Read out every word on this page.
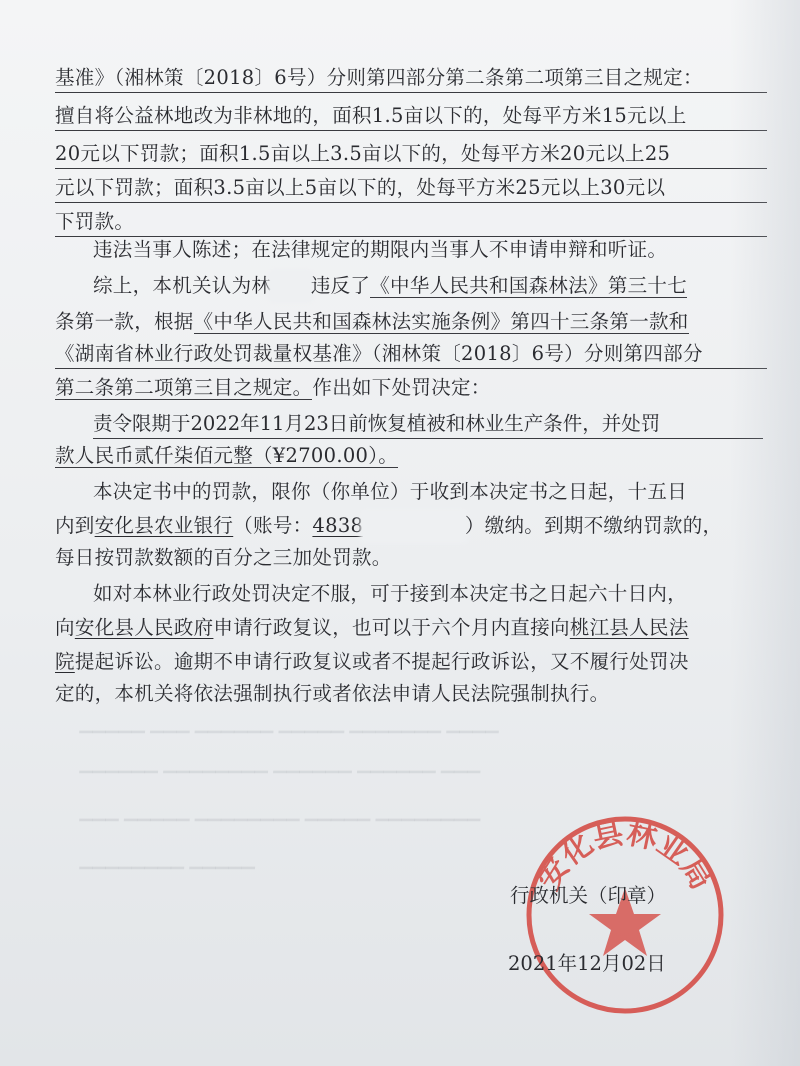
▁▁▁▁▁ ▁▁▁ ▁▁▁▁▁▁ ▁▁▁▁▁ ▁▁▁▁▁▁▁ ▁▁▁▁
▁▁▁▁▁▁ ▁▁▁▁▁▁▁▁ ▁▁▁▁▁▁ ▁▁▁▁▁▁ ▁▁▁
▁▁▁ ▁▁▁▁▁ ▁▁▁▁▁▁▁▁ ▁▁▁▁▁ ▁▁▁▁▁▁▁▁
▁▁▁▁▁▁▁▁ ▁▁▁▁▁
基准》（湘林策〔2018〕6号）分则第四部分第二条第二项第三目之规定：
擅自将公益林地改为非林地的，面积1.5亩以下的，处每平方米15元以上
20元以下罚款；面积1.5亩以上3.5亩以下的，处每平方米20元以上25
元以下罚款；面积3.5亩以上5亩以下的，处每平方米25元以上30元以
下罚款。
违法当事人陈述；在法律规定的期限内当事人不申请申辩和听证。
综上，本机关认为林 违反了《中华人民共和国森林法》第三十七
条第一款，根据《中华人民共和国森林法实施条例》第四十三条第一款和
《湖南省林业行政处罚裁量权基准》（湘林策〔2018〕6号）分则第四部分
第二条第二项第三目之规定。作出如下处罚决定：
责令限期于2022年11月23日前恢复植被和林业生产条件，并处罚
款人民币贰仟柒佰元整（¥2700.00）。
本决定书中的罚款，限你（你单位）于收到本决定书之日起，十五日
内到安化县农业银行（账号：4838	）缴纳。到期不缴纳罚款的，
每日按罚款数额的百分之三加处罚款。
如对本林业行政处罚决定不服，可于接到本决定书之日起六十日内，
向安化县人民政府申请行政复议，也可以于六个月内直接向桃江县人民法
院提起诉讼。逾期不申请行政复议或者不提起行政诉讼，又不履行处罚决
定的，本机关将依法强制执行或者依法申请人民法院强制执行。
安化县林业局
行政机关（印章）
2021年12月02日
